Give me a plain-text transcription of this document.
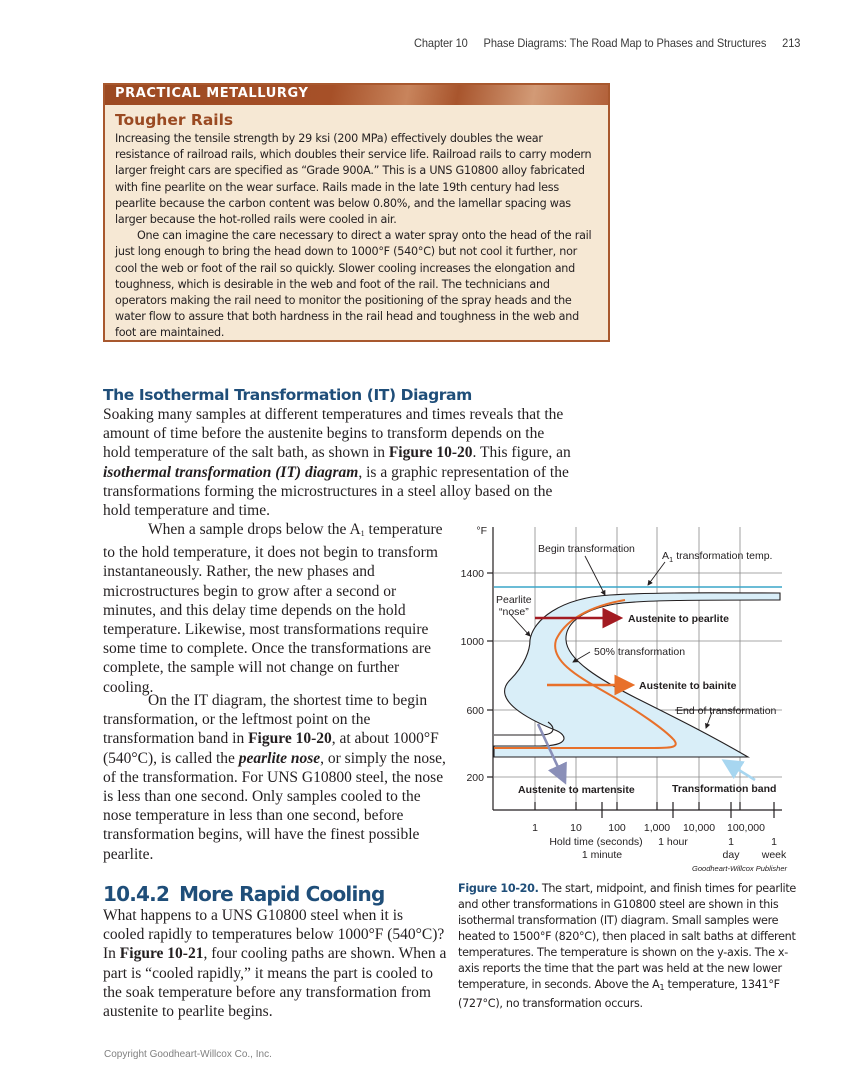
Chapter 10 Phase Diagrams: The Road Map to Phases and Structures 213
PRACTICAL METALLURGY
Tougher Rails

Increasing the tensile strength by 29 ksi (200 MPa) effectively doubles the wear resistance of railroad rails, which doubles their service life. Railroad rails to carry modern larger freight cars are specified as “Grade 900A.” This is a UNS G10800 alloy fabricated with fine pearlite on the wear surface. Rails made in the late 19th century had less pearlite because the carbon content was below 0.80%, and the lamellar spacing was larger because the hot-rolled rails were cooled in air.

One can imagine the care necessary to direct a water spray onto the head of the rail just long enough to bring the head down to 1000°F (540°C) but not cool it further, nor cool the web or foot of the rail so quickly. Slower cooling increases the elongation and toughness, which is desirable in the web and foot of the rail. The technicians and operators making the rail need to monitor the positioning of the spray heads and the water flow to assure that both hardness in the rail head and toughness in the web and foot are maintained.

The Isothermal Transformation (IT) Diagram

Soaking many samples at different temperatures and times reveals that the amount of time before the austenite begins to transform depends on the hold temperature of the salt bath, as shown in Figure 10-20. This figure, an isothermal transformation (IT) diagram, is a graphic representation of the transformations forming the microstructures in a steel alloy based on the hold temperature and time.

When a sample drops below the $A_1$ temperature to the hold temperature, it does not begin to transform instantaneously. Rather, the new phases and microstructures begin to grow after a second or minutes, and this delay time depends on the hold temperature. Likewise, most transformations require some time to complete. Once the transformations are complete, the sample will not change on further cooling.

On the IT diagram, the shortest time to begin transformation, or the leftmost point on the transformation band in Figure 10-20, at about 1000°F (540°C), is called the pearlite nose, or simply the nose, of the transformation. For UNS G10800 steel, the nose is less than one second. Only samples cooled to the nose temperature in less than one second, before transformation begins, will have the finest possible pearlite.

10.4.2 More Rapid Cooling

What happens to a UNS G10800 steel when it is cooled rapidly to temperatures below 1000°F (540°C)? In Figure 10-21, four cooling paths are shown. When a part is “cooled rapidly,” it means the part is cooled to the soak temperature before any transformation from austenite to pearlite begins.

°F
1400
1000
600
200
1	10	100 1,000 10,000 100,000
Hold time (seconds)
1 minute
1 hour	1
day
1
week
Begin transformation
$A_1$ transformation temp.
Pearlite
“nose”
50% transformation
End of transformation
Austenite to pearlite
Austenite to bainite
Austenite to martensite	Transformation band
Goodheart-Willcox Publisher
Figure 10-20. The start, midpoint, and finish times for pearlite and other transformations in G10800 steel are shown in this isothermal transformation (IT) diagram. Small samples were heated to 1500°F (820°C), then placed in salt baths at different temperatures. The temperature is shown on the y-axis. The x-axis reports the time that the part was held at the new lower temperature, in seconds. Above the $A_1$ temperature, 1341°F (727°C), no transformation occurs.
Copyright Goodheart-Willcox Co., Inc.
